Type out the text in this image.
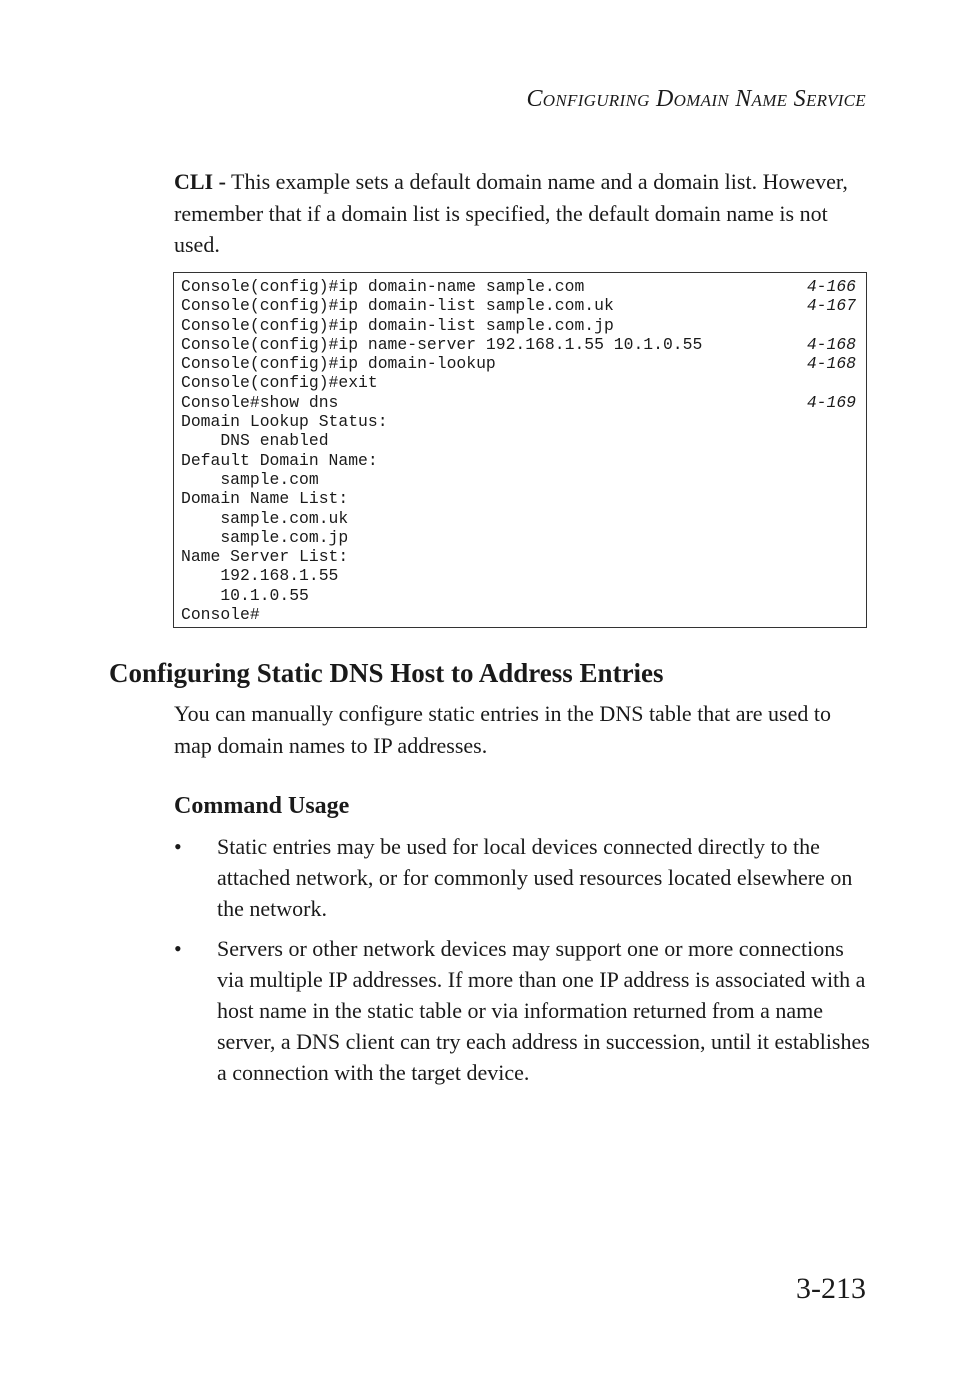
Configuring Domain Name Service

CLI - This example sets a default domain name and a domain list. However, remember that if a domain list is specified, the default domain name is not used.

Console(config)#ip domain-name sample.com	4-166
Console(config)#ip domain-list sample.com.uk	4-167
Console(config)#ip domain-list sample.com.jp
Console(config)#ip name-server 192.168.1.55 10.1.0.55	4-168
Console(config)#ip domain-lookup	4-168
Console(config)#exit
Console#show dns	4-169
Domain Lookup Status:
DNS enabled
Default Domain Name:
sample.com
Domain Name List:
sample.com.uk
sample.com.jp
Name Server List:
192.168.1.55
10.1.0.55
Console#
Configuring Static DNS Host to Address Entries

You can manually configure static entries in the DNS table that are used to map domain names to IP addresses.

Command Usage
• Static entries may be used for local devices connected directly to the attached network, or for commonly used resources located elsewhere on the network.
• Servers or other network devices may support one or more connections via multiple IP addresses. If more than one IP address is associated with a host name in the static table or via information returned from a name server, a DNS client can try each address in succession, until it establishes a connection with the target device.
3-213
